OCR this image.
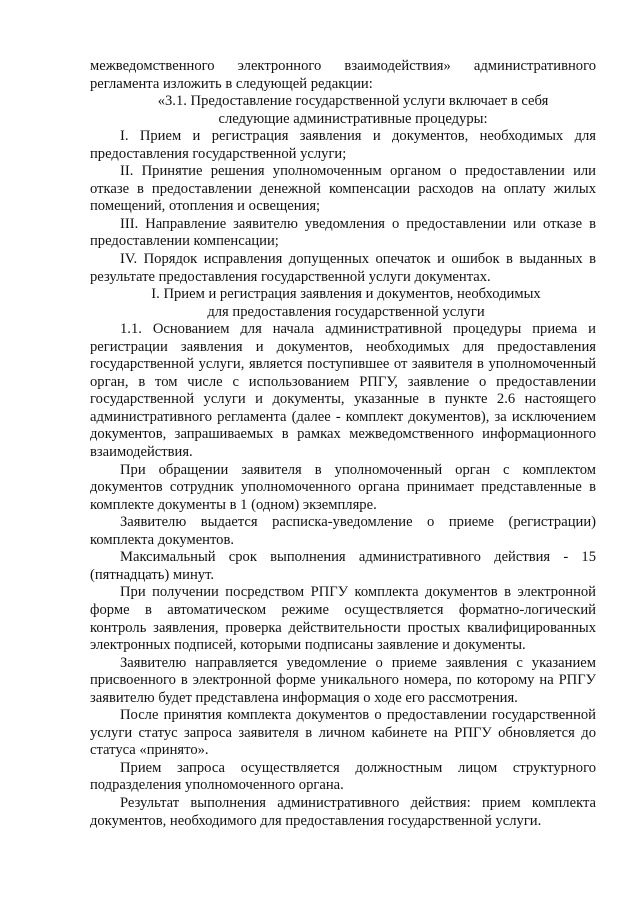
межведомственного электронного взаимодействия» административного регламента изложить в следующей редакции:

«3.1. Предоставление государственной услуги включает в себя

следующие административные процедуры:

I. Прием и регистрация заявления и документов, необходимых для предоставления государственной услуги;

II. Принятие решения уполномоченным органом о предоставлении или отказе в предоставлении денежной компенсации расходов на оплату жилых помещений, отопления и освещения;

III. Направление заявителю уведомления о предоставлении или отказе в предоставлении компенсации;

IV. Порядок исправления допущенных опечаток и ошибок в выданных в результате предоставления государственной услуги документах.

I. Прием и регистрация заявления и документов, необходимых

для предоставления государственной услуги

1.1. Основанием для начала административной процедуры приема и регистрации заявления и документов, необходимых для предоставления государственной услуги, является поступившее от заявителя в уполномоченный орган, в том числе с использованием РПГУ, заявление о предоставлении государственной услуги и документы, указанные в пункте 2.6 настоящего административного регламента (далее - комплект документов), за исключением документов, запрашиваемых в рамках межведомственного информационного взаимодействия.

При обращении заявителя в уполномоченный орган с комплектом документов сотрудник уполномоченного органа принимает представленные в комплекте документы в 1 (одном) экземпляре.

Заявителю выдается расписка-уведомление о приеме (регистрации) комплекта документов.

Максимальный срок выполнения административного действия - 15 (пятнадцать) минут.

При получении посредством РПГУ комплекта документов в электронной форме в автоматическом режиме осуществляется форматно-логический контроль заявления, проверка действительности простых квалифицированных электронных подписей, которыми подписаны заявление и документы.

Заявителю направляется уведомление о приеме заявления с указанием присвоенного в электронной форме уникального номера, по которому на РПГУ заявителю будет представлена информация о ходе его рассмотрения.

После принятия комплекта документов о предоставлении государственной услуги статус запроса заявителя в личном кабинете на РПГУ обновляется до статуса «принято».

Прием запроса осуществляется должностным лицом структурного подразделения уполномоченного органа.

Результат выполнения административного действия: прием комплекта документов, необходимого для предоставления государственной услуги.
